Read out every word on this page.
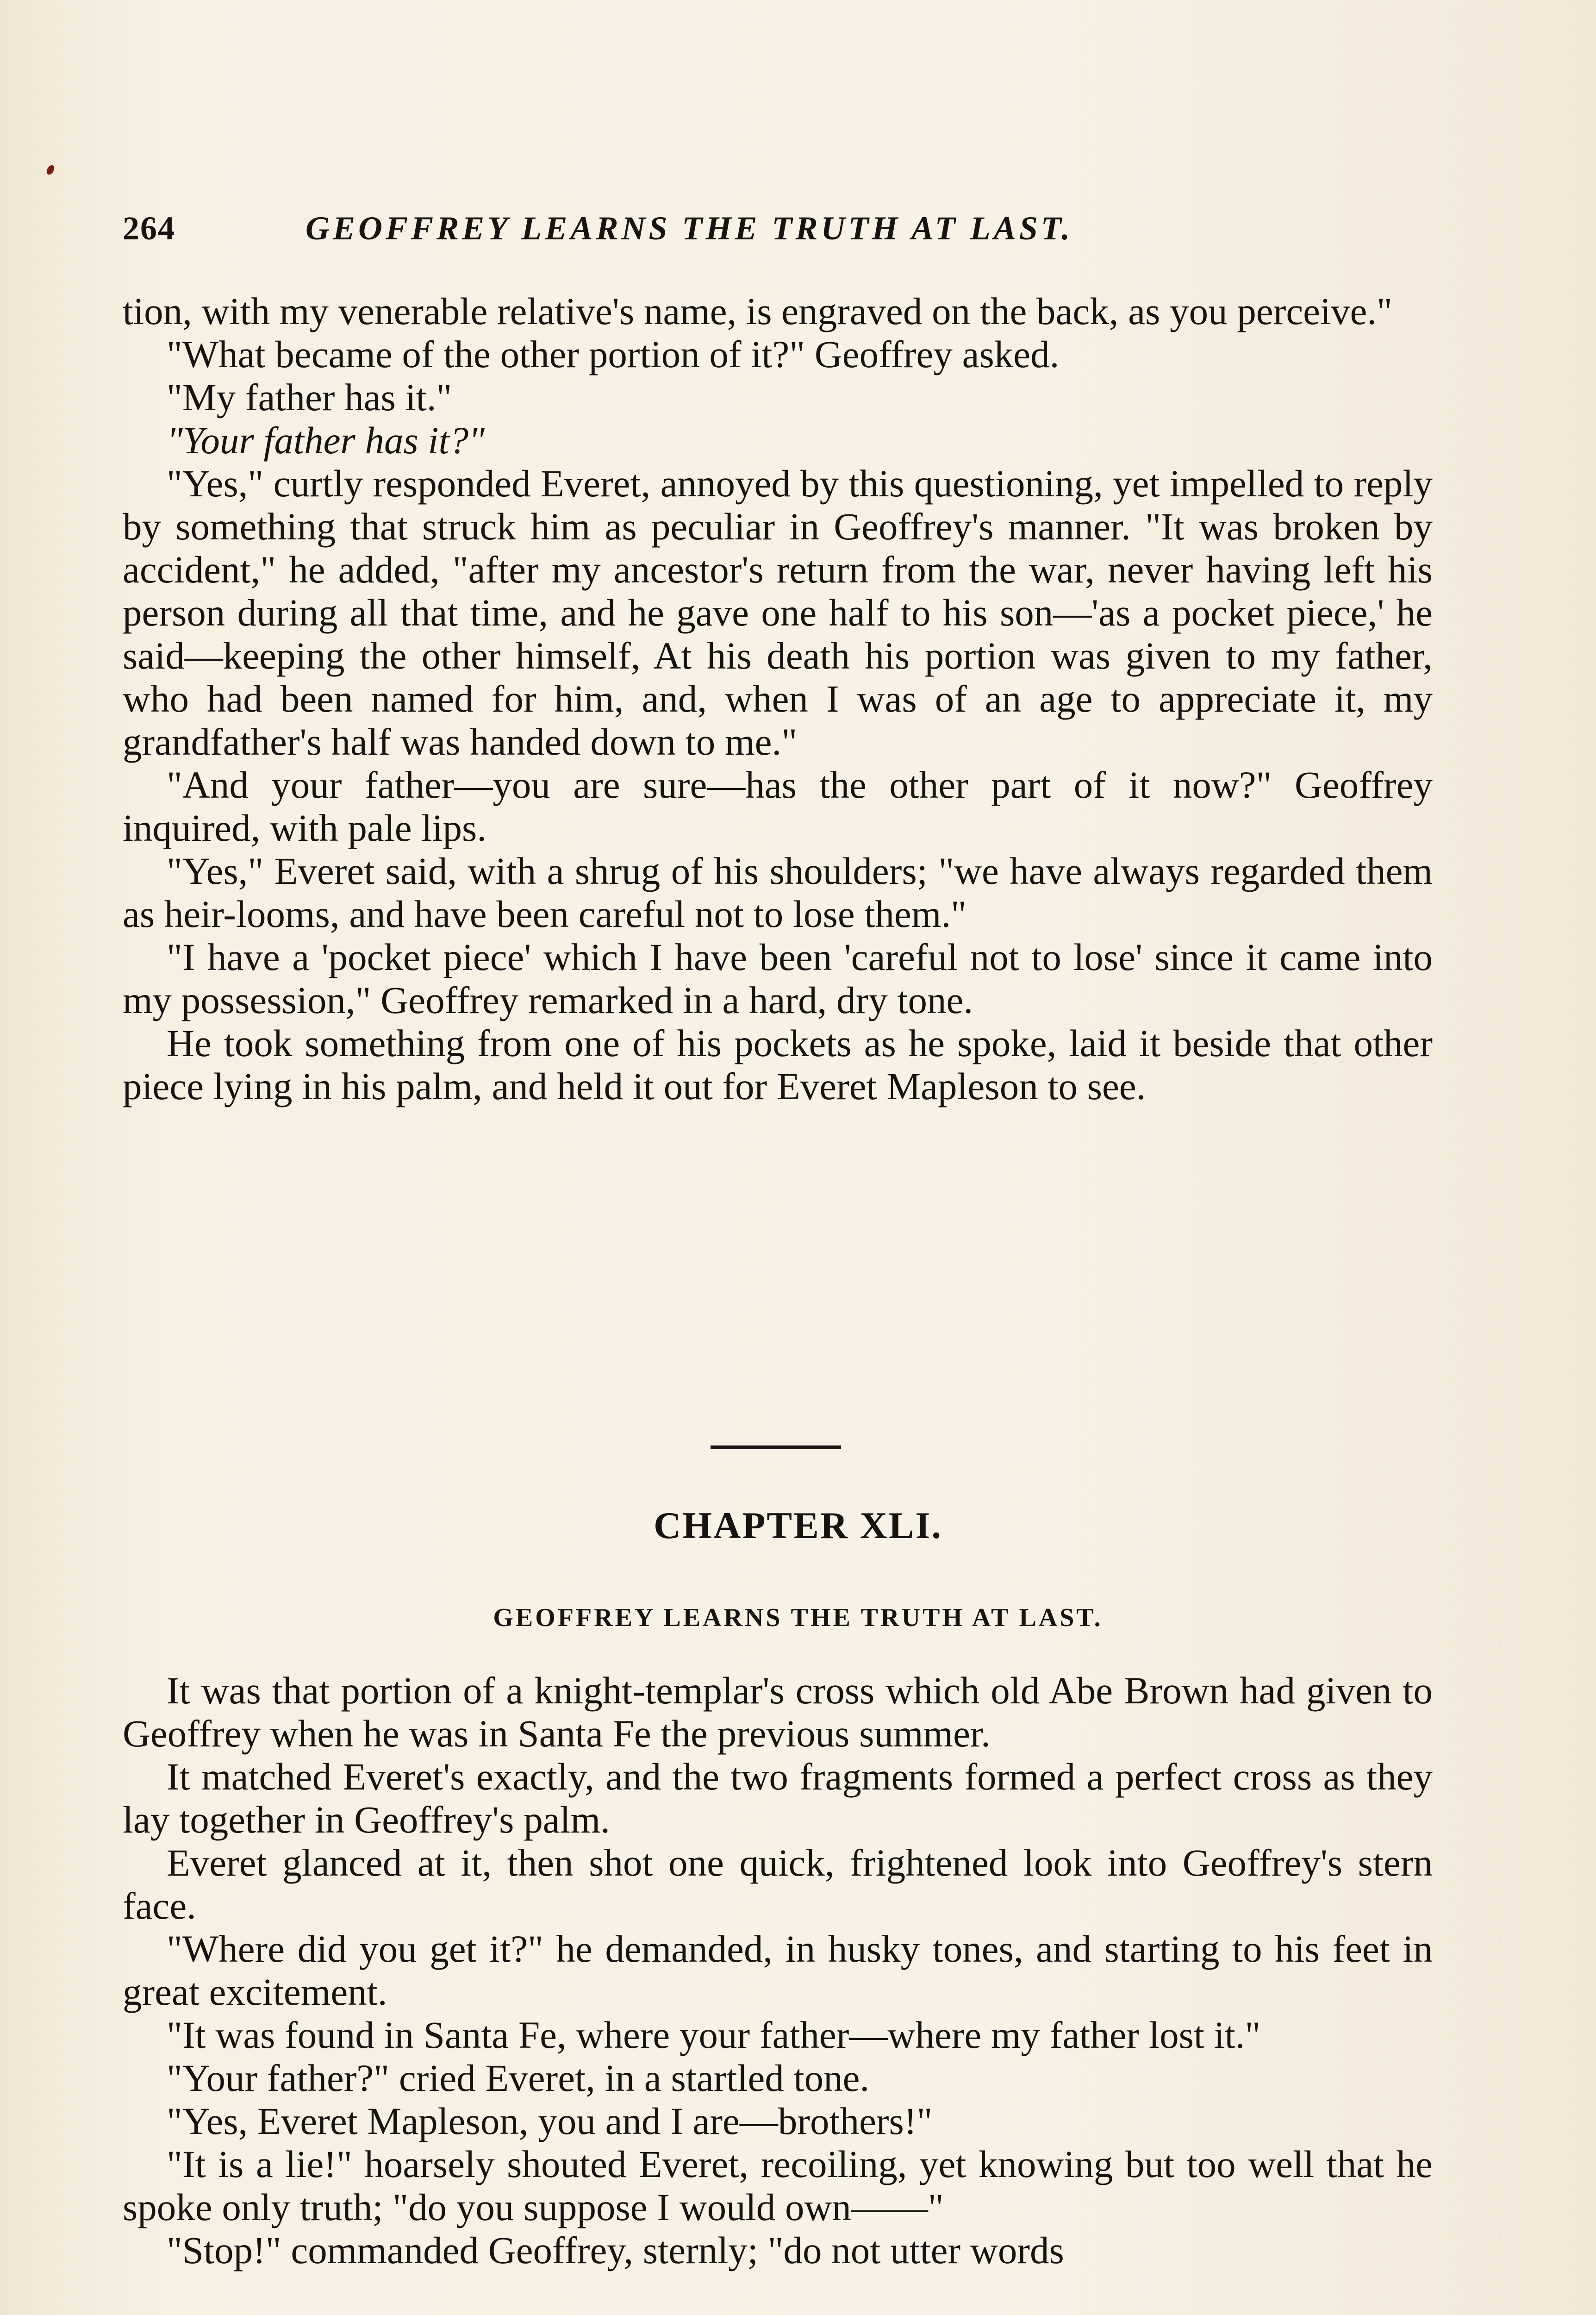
264	GEOFFREY LEARNS THE TRUTH AT LAST.

tion, with my venerable relative's name, is engraved on the back, as you perceive."

"What became of the other portion of it?" Geoffrey asked.

"My father has it."

"Your father has it?"

"Yes," curtly responded Everet, annoyed by this questioning, yet impelled to reply by something that struck him as peculiar in Geoffrey's manner. "It was broken by accident," he added, "after my ancestor's return from the war, never having left his person during all that time, and he gave one half to his son—'as a pocket piece,' he said—keeping the other himself, At his death his portion was given to my father, who had been named for him, and, when I was of an age to appreciate it, my grandfather's half was handed down to me."

"And your father—you are sure—has the other part of it now?" Geoffrey inquired, with pale lips.

"Yes," Everet said, with a shrug of his shoulders; "we have always regarded them as heir-looms, and have been careful not to lose them."

"I have a 'pocket piece' which I have been 'careful not to lose' since it came into my possession," Geoffrey remarked in a hard, dry tone.

He took something from one of his pockets as he spoke, laid it beside that other piece lying in his palm, and held it out for Everet Mapleson to see.

CHAPTER XLI.
GEOFFREY LEARNS THE TRUTH AT LAST.

It was that portion of a knight-templar's cross which old Abe Brown had given to Geoffrey when he was in Santa Fe the previous summer.

It matched Everet's exactly, and the two fragments formed a perfect cross as they lay together in Geoffrey's palm.

Everet glanced at it, then shot one quick, frightened look into Geoffrey's stern face.

"Where did you get it?" he demanded, in husky tones, and starting to his feet in great excitement.

"It was found in Santa Fe, where your father—where my father lost it."

"Your father?" cried Everet, in a startled tone.

"Yes, Everet Mapleson, you and I are—brothers!"

"It is a lie!" hoarsely shouted Everet, recoiling, yet knowing but too well that he spoke only truth; "do you suppose I would own——"

"Stop!" commanded Geoffrey, sternly; "do not utter words
